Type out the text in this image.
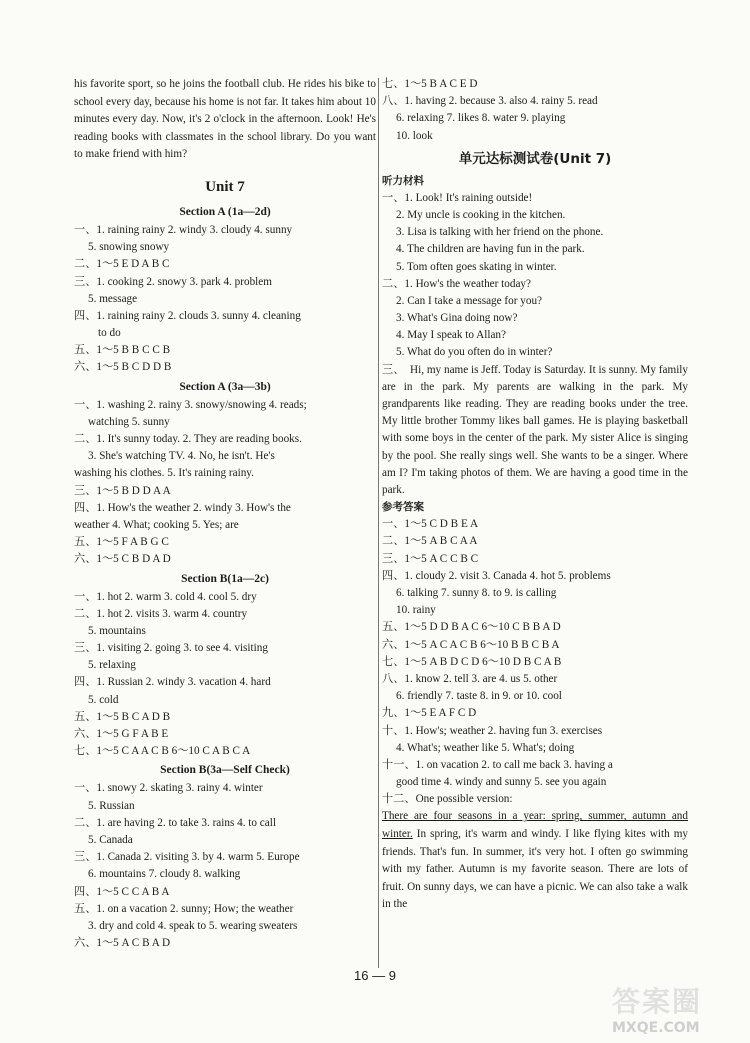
his favorite sport, so he joins the football club. He rides his bike to school every day, because his home is not far. It takes him about 10 minutes every day. Now, it's 2 o'clock in the afternoon. Look! He's reading books with classmates in the school library. Do you want to make friend with him?

Unit 7
Section A (1a—2d)
一、1. raining rainy 2. windy 3. cloudy 4. sunny
5. snowing snowy
二、1～5 E D A B C
三、1. cooking 2. snowy 3. park 4. problem
5. message
四、1. raining rainy 2. clouds 3. sunny 4. cleaning
to do
五、1～5 B B C C B
六、1～5 B C D D B
Section A (3a—3b)
一、1. washing 2. rainy 3. snowy/snowing 4. reads;
watching 5. sunny
二、1. It's sunny today. 2. They are reading books.
3. She's watching TV. 4. No, he isn't. He's
washing his clothes. 5. It's raining rainy.
三、1～5 B D D A A
四、1. How's the weather 2. windy 3. How's the
weather 4. What; cooking 5. Yes; are
五、1～5 F A B G C
六、1～5 C B D A D
Section B(1a—2c)
一、1. hot 2. warm 3. cold 4. cool 5. dry
二、1. hot 2. visits 3. warm 4. country
5. mountains
三、1. visiting 2. going 3. to see 4. visiting
5. relaxing
四、1. Russian 2. windy 3. vacation 4. hard
5. cold
五、1～5 B C A D B
六、1～5 G F A B E
七、1～5 C A A C B 6～10 C A B C A
Section B(3a—Self Check)
一、1. snowy 2. skating 3. rainy 4. winter
5. Russian
二、1. are having 2. to take 3. rains 4. to call
5. Canada
三、1. Canada 2. visiting 3. by 4. warm 5. Europe
6. mountains 7. cloudy 8. walking
四、1～5 C C A B A
五、1. on a vacation 2. sunny; How; the weather
3. dry and cold 4. speak to 5. wearing sweaters
六、1～5 A C B A D
七、1～5 B A C E D
八、1. having 2. because 3. also 4. rainy 5. read
6. relaxing 7. likes 8. water 9. playing
10. look
单元达标测试卷(Unit 7)
听力材料
一、1. Look! It's raining outside!
2. My uncle is cooking in the kitchen.
3. Lisa is talking with her friend on the phone.
4. The children are having fun in the park.
5. Tom often goes skating in winter.
二、1. How's the weather today?
2. Can I take a message for you?
3. What's Gina doing now?
4. May I speak to Allan?
5. What do you often do in winter?

三、　Hi, my name is Jeff. Today is Saturday. It is sunny. My family are in the park. My parents are walking in the park. My grandparents like reading. They are reading books under the tree. My little brother Tommy likes ball games. He is playing basketball with some boys in the center of the park. My sister Alice is singing by the pool. She really sings well. She wants to be a singer. Where am I? I'm taking photos of them. We are having a good time in the park.

参考答案
一、1～5 C D B E A
二、1～5 A B C A A
三、1～5 A C C B C
四、1. cloudy 2. visit 3. Canada 4. hot 5. problems
6. talking 7. sunny 8. to 9. is calling
10. rainy
五、1～5 D D B A C 6～10 C B B A D
六、1～5 A C A C B 6～10 B B C B A
七、1～5 A B D C D 6～10 D B C A B
八、1. know 2. tell 3. are 4. us 5. other
6. friendly 7. taste 8. in 9. or 10. cool
九、1～5 E A F C D
十、1. How's; weather 2. having fun 3. exercises
4. What's; weather like 5. What's; doing
十一、1. on vacation 2. to call me back 3. having a
good time 4. windy and sunny 5. see you again
十二、One possible version:

There are four seasons in a year: spring, summer, autumn and winter. In spring, it's warm and windy. I like flying kites with my friends. That's fun. In summer, it's very hot. I often go swimming with my father. Autumn is my favorite season. There are lots of fruit. On sunny days, we can have a picnic. We can also take a walk in the

16 — 9
答案圈
MXQE.COM
